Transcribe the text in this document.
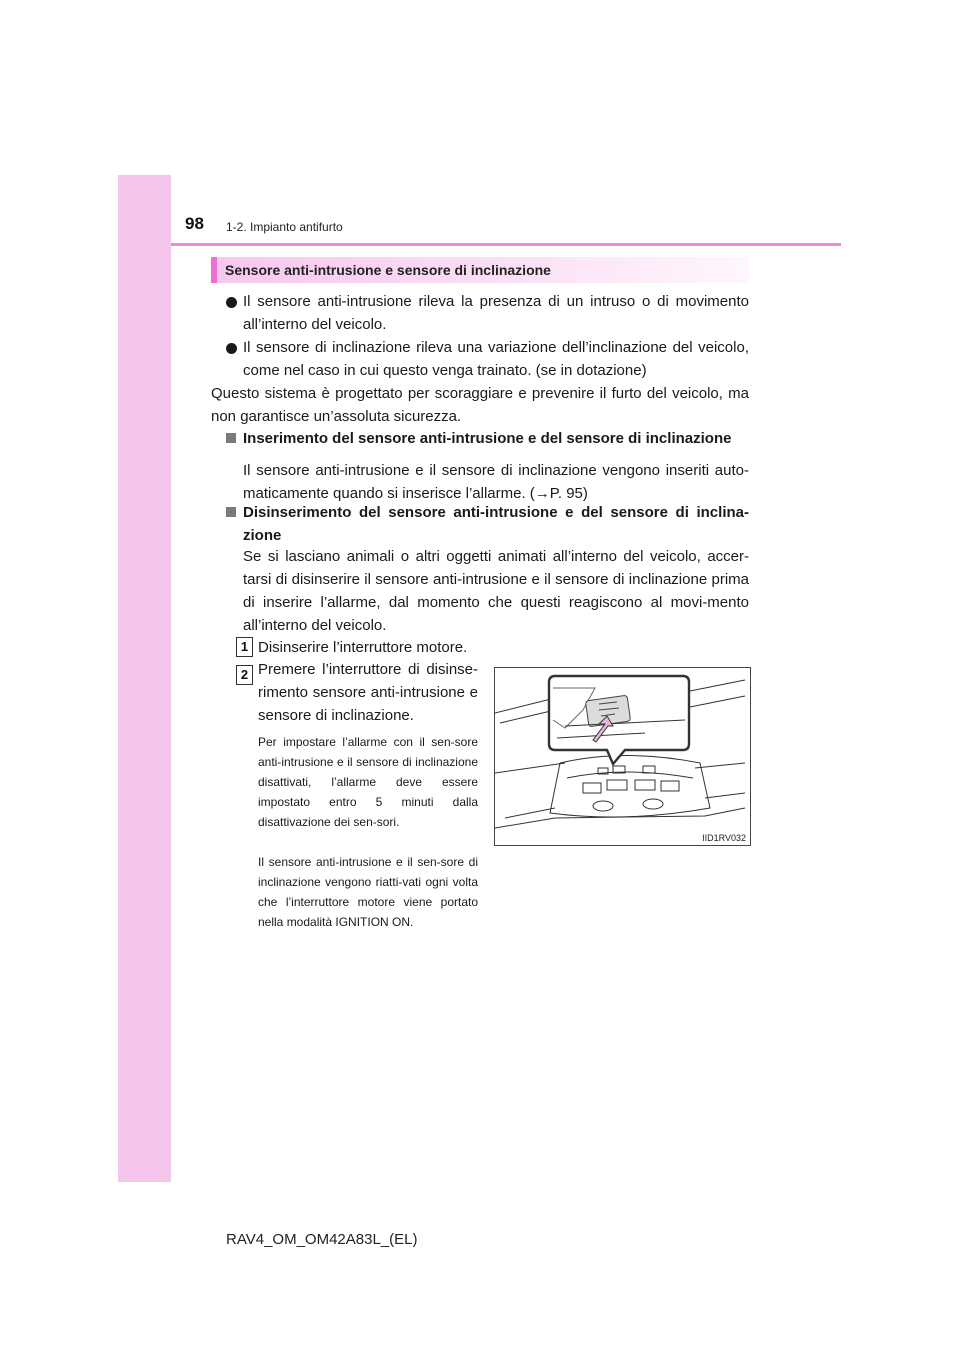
98 1-2. Impianto antifurto
Sensore anti-intrusione e sensore di inclinazione
Il sensore anti-intrusione rileva la presenza di un intruso o di movimento all’interno del veicolo.
Il sensore di inclinazione rileva una variazione dell’inclinazione del veicolo, come nel caso in cui questo venga trainato. (se in dotazione)
Questo sistema è progettato per scoraggiare e prevenire il furto del veicolo, ma non garantisce un’assoluta sicurezza.
Inserimento del sensore anti-intrusione e del sensore di inclinazione
Il sensore anti-intrusione e il sensore di inclinazione vengono inseriti auto-maticamente quando si inserisce l’allarme. (→P. 95)
Disinserimento del sensore anti-intrusione e del sensore di inclina-zione
Se si lasciano animali o altri oggetti animati all’interno del veicolo, accer-tarsi di disinserire il sensore anti-intrusione e il sensore di inclinazione prima di inserire l’allarme, dal momento che questi reagiscono al movi-mento all’interno del veicolo.
1 Disinserire l’interruttore motore.
2 Premere l’interruttore di disinse-rimento sensore anti-intrusione e sensore di inclinazione.
Per impostare l’allarme con il sen-sore anti-intrusione e il sensore di inclinazione disattivati, l’allarme deve essere impostato entro 5 minuti dalla disattivazione dei sen-sori.
Il sensore anti-intrusione e il sen-sore di inclinazione vengono riatti-vati ogni volta che l’interruttore motore viene portato nella modalità IGNITION ON.
IID1RV032
RAV4_OM_OM42A83L_(EL)
